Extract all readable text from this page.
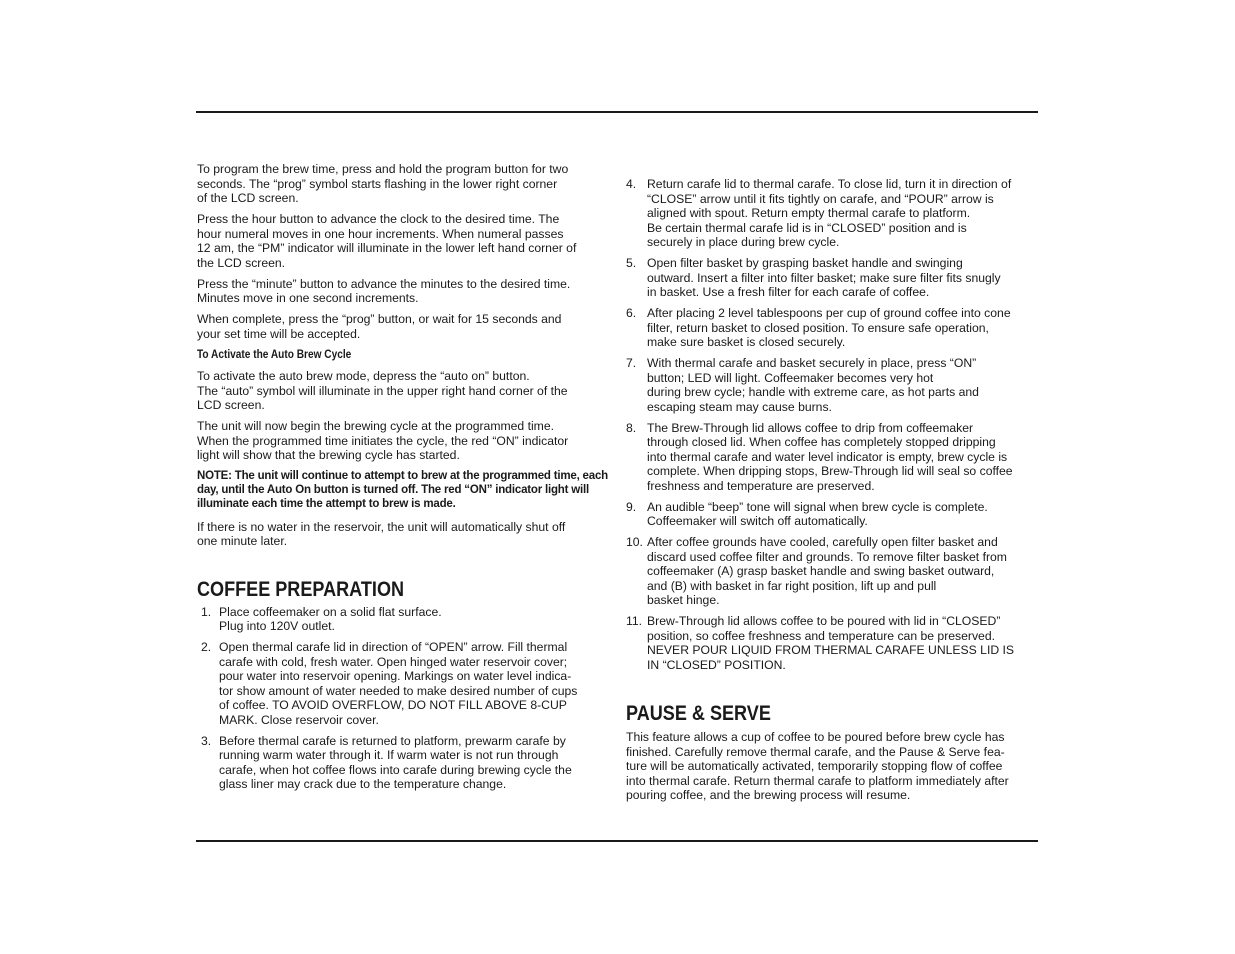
To program the brew time, press and hold the program button for two
seconds. The “prog” symbol starts flashing in the lower right corner
of the LCD screen.

Press the hour button to advance the clock to the desired time. The
hour numeral moves in one hour increments. When numeral passes
12 am, the “PM” indicator will illuminate in the lower left hand corner of
the LCD screen.

Press the “minute” button to advance the minutes to the desired time.
Minutes move in one second increments.

When complete, press the “prog” button, or wait for 15 seconds and
your set time will be accepted.

To Activate the Auto Brew Cycle

To activate the auto brew mode, depress the “auto on” button.
The “auto” symbol will illuminate in the upper right hand corner of the
LCD screen.

The unit will now begin the brewing cycle at the programmed time.
When the programmed time initiates the cycle, the red “ON” indicator
light will show that the brewing cycle has started.

NOTE: The unit will continue to attempt to brew at the programmed time, each
day, until the Auto On button is turned off. The red “ON” indicator light will
illuminate each time the attempt to brew is made.

If there is no water in the reservoir, the unit will automatically shut off
one minute later.

COFFEE PREPARATION
1. Place coffeemaker on a solid flat surface.
Plug into 120V outlet.
2. Open thermal carafe lid in direction of “OPEN” arrow. Fill thermal
carafe with cold, fresh water. Open hinged water reservoir cover;
pour water into reservoir opening. Markings on water level indica-
tor show amount of water needed to make desired number of cups
of coffee. TO AVOID OVERFLOW, DO NOT FILL ABOVE 8-CUP
MARK. Close reservoir cover.
3. Before thermal carafe is returned to platform, prewarm carafe by
running warm water through it. If warm water is not run through
carafe, when hot coffee flows into carafe during brewing cycle the
glass liner may crack due to the temperature change.
4. Return carafe lid to thermal carafe. To close lid, turn it in direction of
“CLOSE” arrow until it fits tightly on carafe, and “POUR” arrow is
aligned with spout. Return empty thermal carafe to platform.
Be certain thermal carafe lid is in “CLOSED” position and is
securely in place during brew cycle.
5. Open filter basket by grasping basket handle and swinging
outward. Insert a filter into filter basket; make sure filter fits snugly
in basket. Use a fresh filter for each carafe of coffee.
6. After placing 2 level tablespoons per cup of ground coffee into cone
filter, return basket to closed position. To ensure safe operation,
make sure basket is closed securely.
7. With thermal carafe and basket securely in place, press “ON”
button; LED will light. Coffeemaker becomes very hot
during brew cycle; handle with extreme care, as hot parts and
escaping steam may cause burns.
8. The Brew-Through lid allows coffee to drip from coffeemaker
through closed lid. When coffee has completely stopped dripping
into thermal carafe and water level indicator is empty, brew cycle is
complete. When dripping stops, Brew-Through lid will seal so coffee
freshness and temperature are preserved.
9. An audible “beep” tone will signal when brew cycle is complete.
Coffeemaker will switch off automatically.
10. After coffee grounds have cooled, carefully open filter basket and
discard used coffee filter and grounds. To remove filter basket from
coffeemaker (A) grasp basket handle and swing basket outward,
and (B) with basket in far right position, lift up and pull
basket hinge.
11. Brew-Through lid allows coffee to be poured with lid in “CLOSED”
position, so coffee freshness and temperature can be preserved.
NEVER POUR LIQUID FROM THERMAL CARAFE UNLESS LID IS
IN “CLOSED” POSITION.
PAUSE & SERVE

This feature allows a cup of coffee to be poured before brew cycle has
finished. Carefully remove thermal carafe, and the Pause & Serve fea-
ture will be automatically activated, temporarily stopping flow of coffee
into thermal carafe. Return thermal carafe to platform immediately after
pouring coffee, and the brewing process will resume.
